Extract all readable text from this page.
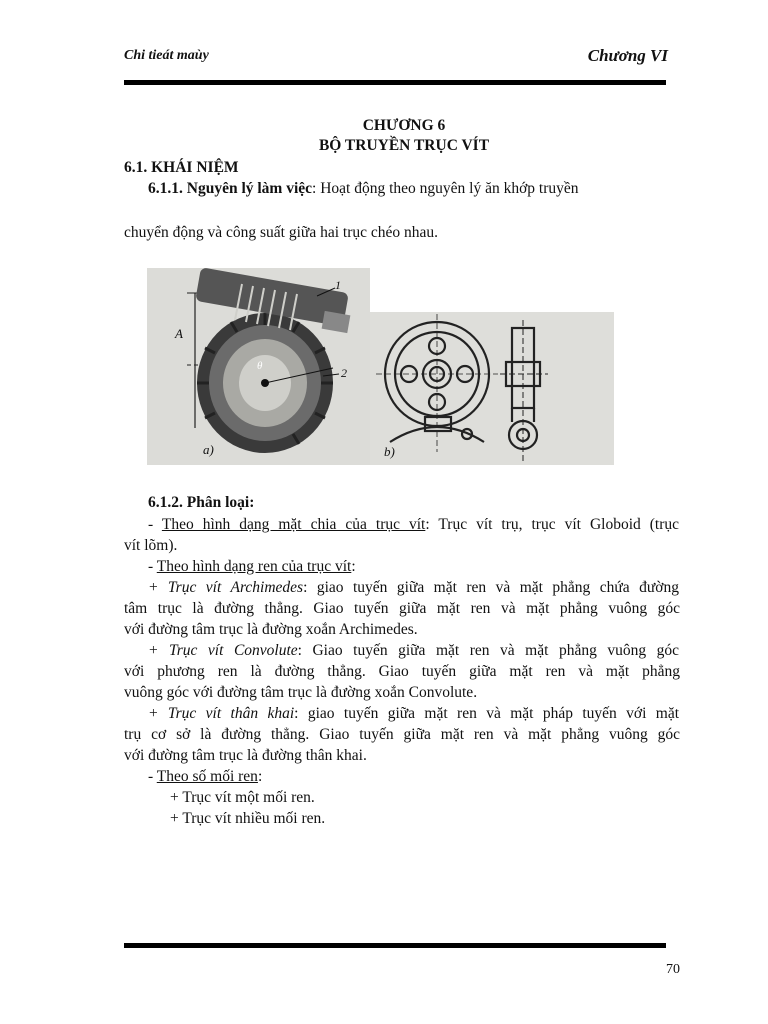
Chi tieát maùy	Chương VI
CHƯƠNG 6
BỘ TRUYỀN TRỤC VÍT
6.1. KHÁI NIỆM
6.1.1. Nguyên lý làm việc: Hoạt động theo nguyên lý ăn khớp truyền
chuyển động và công suất giữa hai trục chéo nhau.
A
1
2
θ
a)	b)
6.1.2. Phân loại:
- Theo hình dạng mặt chia của trục vít: Trục vít trụ, trục vít Globoid (trục
vít lõm).
- Theo hình dạng ren của trục vít:
+ Trục vít Archimedes: giao tuyến giữa mặt ren và mặt phẳng chứa đường
tâm trục là đường thẳng. Giao tuyến giữa mặt ren và mặt phẳng vuông góc
với đường tâm trục là đường xoắn Archimedes.
+ Trục vít Convolute: Giao tuyến giữa mặt ren và mặt phẳng vuông góc
với phương ren là đường thẳng. Giao tuyến giữa mặt ren và mặt phẳng
vuông góc với đường tâm trục là đường xoắn Convolute.
+ Trục vít thân khai: giao tuyến giữa mặt ren và mặt pháp tuyến với mặt
trụ cơ sở là đường thẳng. Giao tuyến giữa mặt ren và mặt phẳng vuông góc
với đường tâm trục là đường thân khai.
- Theo số mối ren:
+ Trục vít một mối ren.
+ Trục vít nhiều mối ren.
70
